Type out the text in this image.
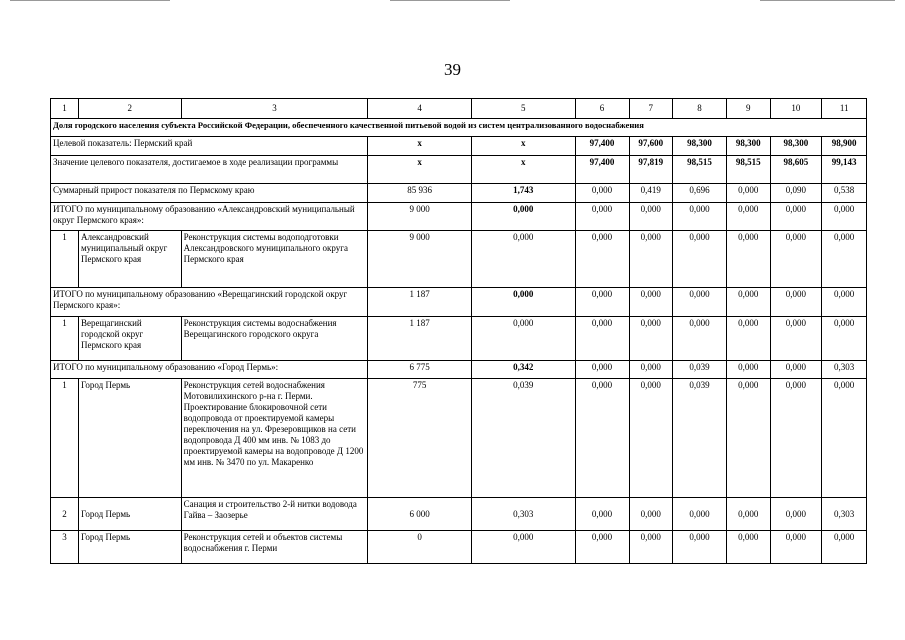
39
1	2	3	4	5	6	7	8	9	10	11
Доля городского населения субъекта Российской Федерации, обеспеченного качественной питьевой водой из систем централизованного водоснабжения										
Целевой показатель: Пермский край			х	х	97,400	97,600	98,300	98,300	98,300	98,900
Значение целевого показателя, достигаемое в ходе реализации программы			х	х	97,400	97,819	98,515	98,515	98,605	99,143
Суммарный прирост показателя по Пермскому краю			85 936	1,743	0,000	0,419	0,696	0,000	0,090	0,538
ИТОГО по муниципальному образованию «Александровский муниципальный округ Пермского края»:			9 000	0,000	0,000	0,000	0,000	0,000	0,000	0,000
1	Александровский муниципальный округ Пермского края	Реконструкция системы водоподготовки Александровского муниципального округа Пермского края	9 000	0,000	0,000	0,000	0,000	0,000	0,000	0,000
ИТОГО по муниципальному образованию «Верещагинский городской округ Пермского края»:			1 187	0,000	0,000	0,000	0,000	0,000	0,000	0,000
1	Верещагинский городской округ Пермского края	Реконструкция системы водоснабжения Верещагинского городского округа	1 187	0,000	0,000	0,000	0,000	0,000	0,000	0,000
ИТОГО по муниципальному образованию «Город Пермь»:			6 775	0,342	0,000	0,000	0,039	0,000	0,000	0,303
1	Город Пермь	Реконструкция сетей водоснабжения Мотовилихинского р-на г. Перми. Проектирование блокировочной сети водопровода от проектируемой камеры переключения на ул. Фрезеровщиков на сети водопровода Д 400 мм инв. № 1083 до проектируемой камеры на водопроводе Д 1200 мм инв. № 3470 по ул. Макаренко	775	0,039	0,000	0,000	0,039	0,000	0,000	0,000
2	Город Пермь	Санация и строительство 2-й нитки водовода Гайва – Заозерье	6 000	0,303	0,000	0,000	0,000	0,000	0,000	0,303
3	Город Пермь	Реконструкция сетей и объектов системы водоснабжения г. Перми	0	0,000	0,000	0,000	0,000	0,000	0,000	0,000
